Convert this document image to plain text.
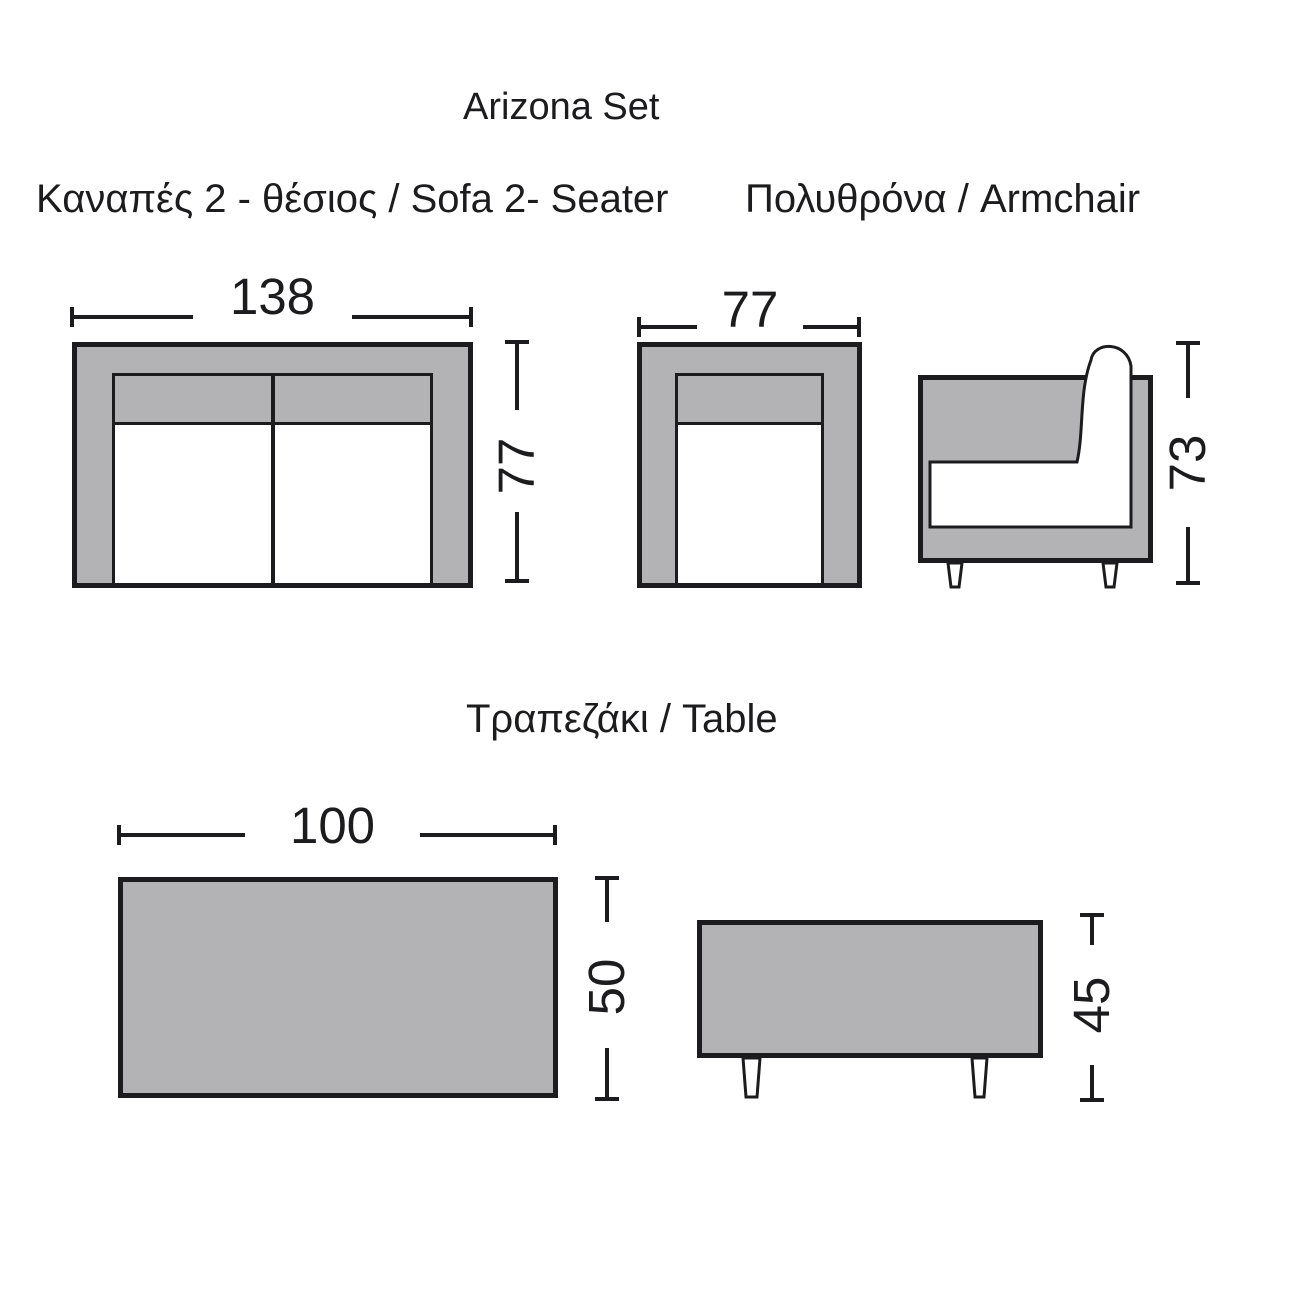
Arizona Set
Καναπές 2 - θέσιος / Sofa 2- Seater Πολυθρόνα / Armchair
Τραπεζάκι / Table
138
77
77
73
100
50	45
